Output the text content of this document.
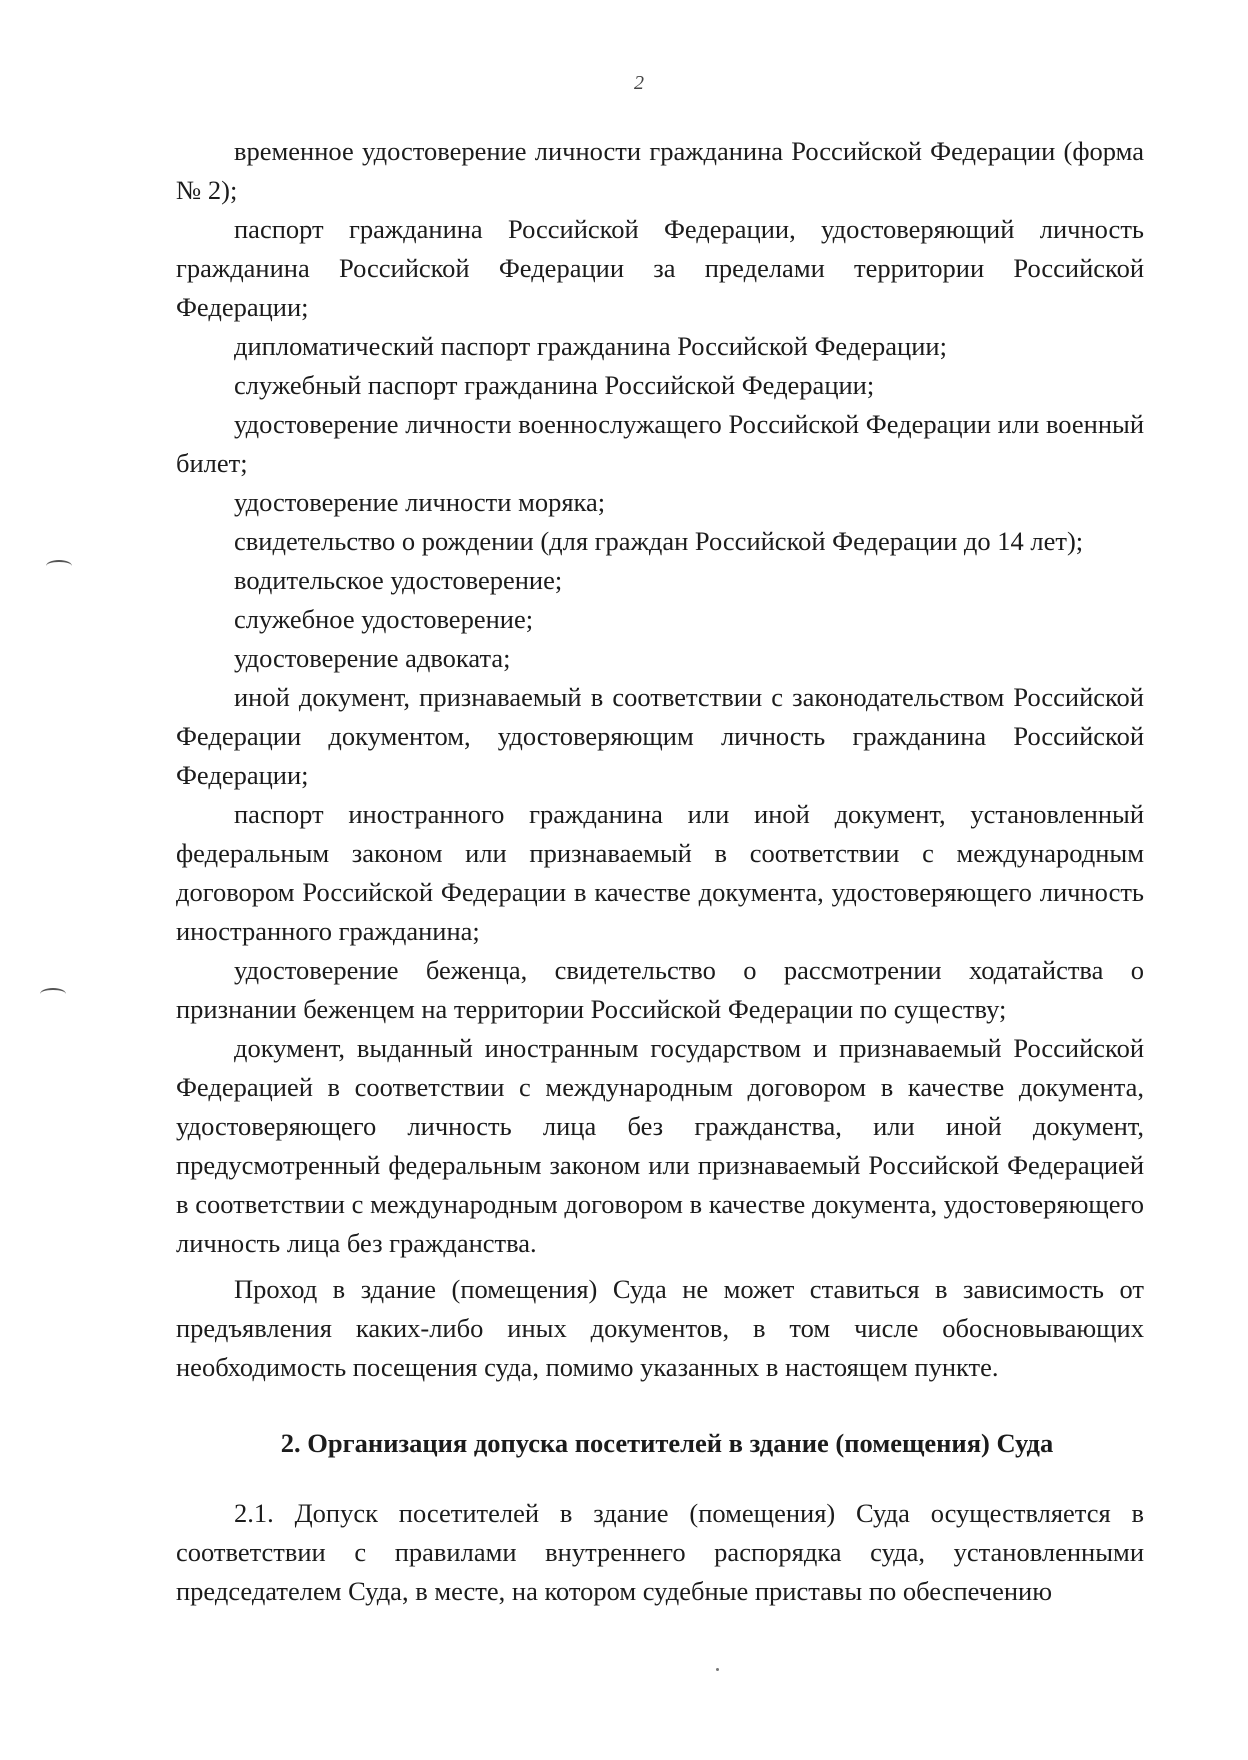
2

временное удостоверение личности гражданина Российской Федерации (форма № 2);

паспорт гражданина Российской Федерации, удостоверяющий личность гражданина Российской Федерации за пределами территории Российской Федерации;

дипломатический паспорт гражданина Российской Федерации;

служебный паспорт гражданина Российской Федерации;

удостоверение личности военнослужащего Российской Федерации или военный билет;

удостоверение личности моряка;

свидетельство о рождении (для граждан Российской Федерации до 14 лет);

водительское удостоверение;

служебное удостоверение;

удостоверение адвоката;

иной документ, признаваемый в соответствии с законодательством Российской Федерации документом, удостоверяющим личность гражданина Российской Федерации;

паспорт иностранного гражданина или иной документ, установленный федеральным законом или признаваемый в соответствии с международным договором Российской Федерации в качестве документа, удостоверяющего личность иностранного гражданина;

удостоверение беженца, свидетельство о рассмотрении ходатайства о признании беженцем на территории Российской Федерации по существу;

документ, выданный иностранным государством и признаваемый Российской Федерацией в соответствии с международным договором в качестве документа, удостоверяющего личность лица без гражданства, или иной документ, предусмотренный федеральным законом или признаваемый Российской Федерацией в соответствии с международным договором в качестве документа, удостоверяющего личность лица без гражданства.

Проход в здание (помещения) Суда не может ставиться в зависимость от предъявления каких-либо иных документов, в том числе обосновывающих необходимость посещения суда, помимо указанных в настоящем пункте.

2. Организация допуска посетителей в здание (помещения) Суда

2.1. Допуск посетителей в здание (помещения) Суда осуществляется в соответствии с правилами внутреннего распорядка суда, установленными председателем Суда, в месте, на котором судебные приставы по обеспечению
